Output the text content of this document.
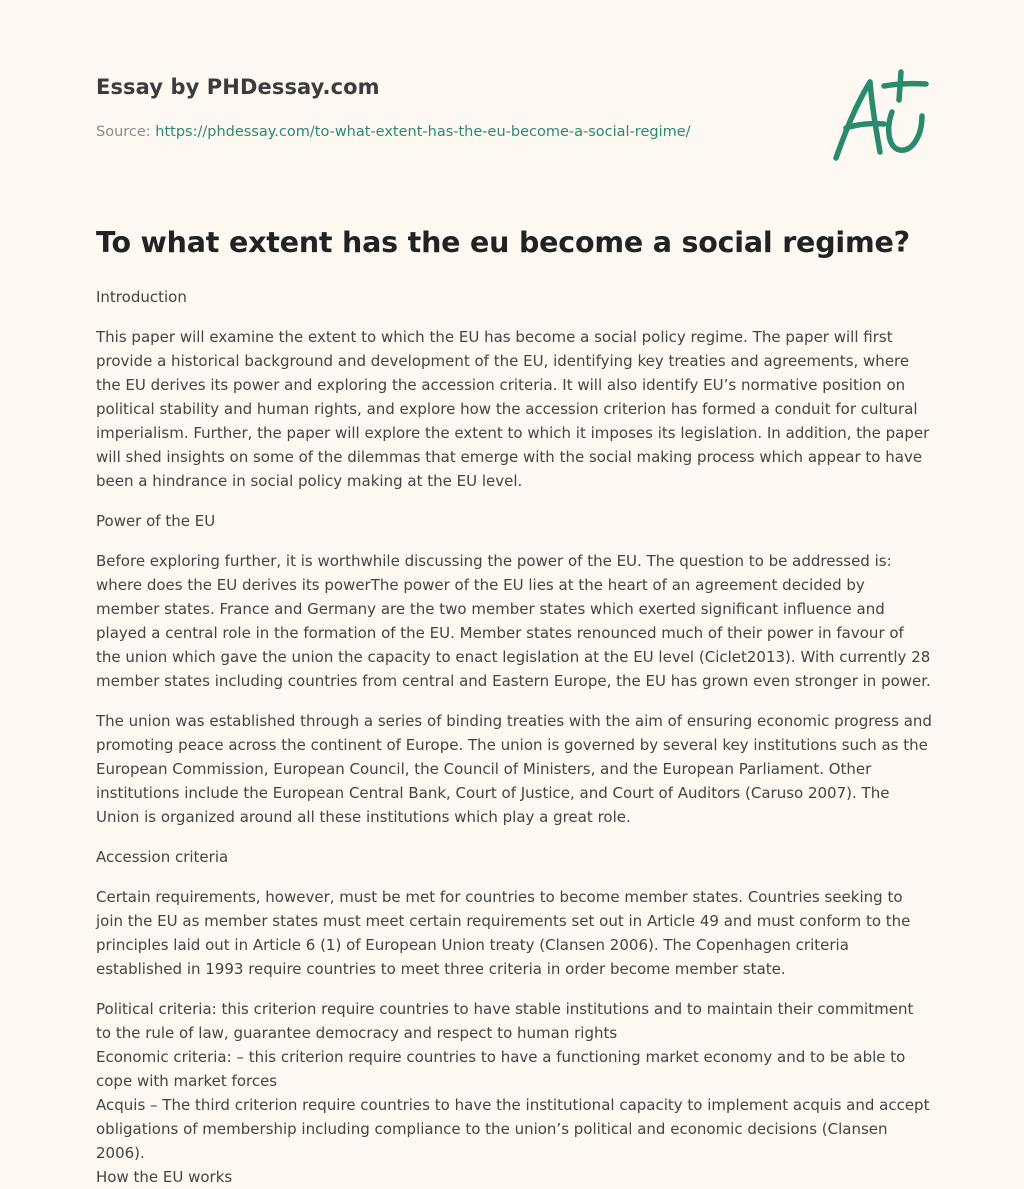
Essay by PHDessay.com
Source: https://phdessay.com/to-what-extent-has-the-eu-become-a-social-regime/
To what extent has the eu become a social regime?

Introduction

This paper will examine the extent to which the EU has become a social policy regime. The paper will first provide a historical background and development of the EU, identifying key treaties and agreements, where the EU derives its power and exploring the accession criteria. It will also identify EU’s normative position on political stability and human rights, and explore how the accession criterion has formed a conduit for cultural imperialism. Further, the paper will explore the extent to which it imposes its legislation. In addition, the paper will shed insights on some of the dilemmas that emerge with the social making process which appear to have been a hindrance in social policy making at the EU level.

Power of the EU

Before exploring further, it is worthwhile discussing the power of the EU. The question to be addressed is: where does the EU derives its powerThe power of the EU lies at the heart of an agreement decided by member states. France and Germany are the two member states which exerted significant influence and played a central role in the formation of the EU. Member states renounced much of their power in favour of the union which gave the union the capacity to enact legislation at the EU level (Ciclet2013). With currently 28 member states including countries from central and Eastern Europe, the EU has grown even stronger in power.

The union was established through a series of binding treaties with the aim of ensuring economic progress and promoting peace across the continent of Europe. The union is governed by several key institutions such as the European Commission, European Council, the Council of Ministers, and the European Parliament. Other institutions include the European Central Bank, Court of Justice, and Court of Auditors (Caruso 2007). The Union is organized around all these institutions which play a great role.

Accession criteria

Certain requirements, however, must be met for countries to become member states. Countries seeking to join the EU as member states must meet certain requirements set out in Article 49 and must conform to the principles laid out in Article 6 (1) of European Union treaty (Clansen 2006). The Copenhagen criteria established in 1993 require countries to meet three criteria in order become member state.

Political criteria: this criterion require countries to have stable institutions and to maintain their commitment to the rule of law, guarantee democracy and respect to human rights

Economic criteria: – this criterion require countries to have a functioning market economy and to be able to cope with market forces

Acquis – The third criterion require countries to have the institutional capacity to implement acquis and accept obligations of membership including compliance to the union’s political and economic decisions (Clansen 2006).

How the EU works
